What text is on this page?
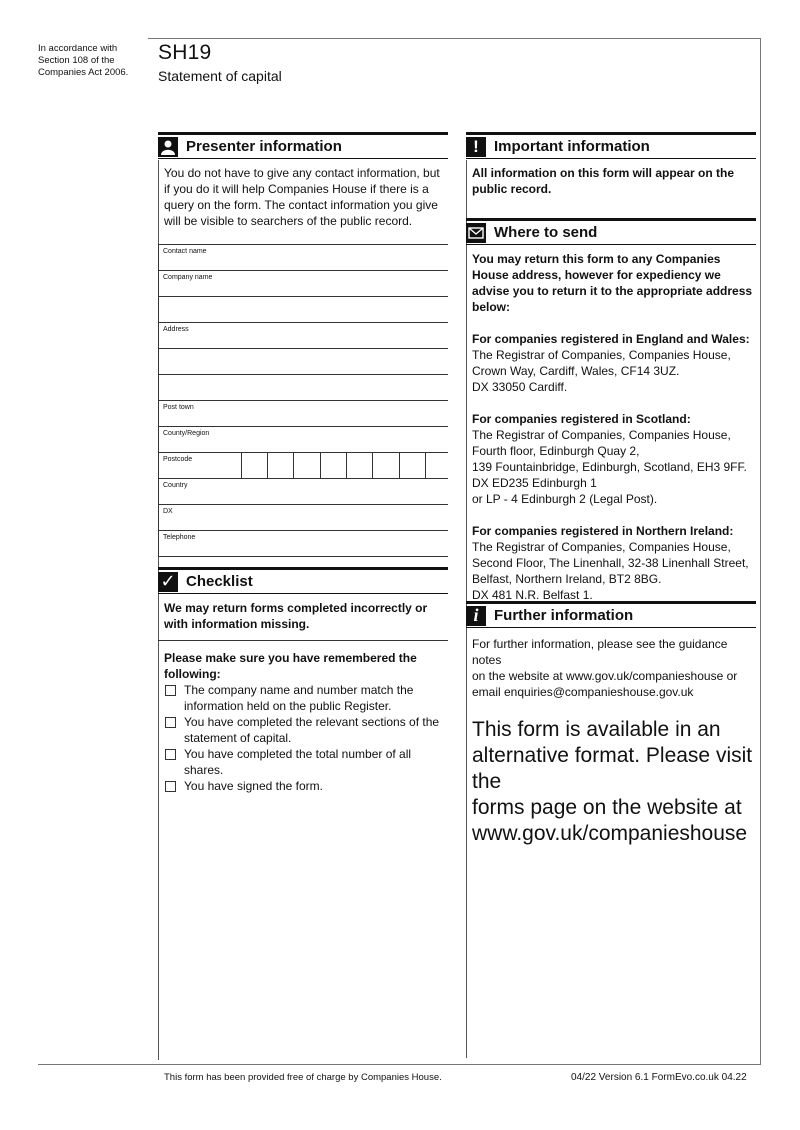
In accordance with
Section 108 of the
Companies Act 2006.
SH19
Statement of capital
Presenter information
You do not have to give any contact information, but if you do it will help Companies House if there is a query on the form. The contact information you give will be visible to searchers of the public record.
Contact name
Company name
Address
Post town
County/Region
Postcode
Country
DX
Telephone
✓ Checklist
We may return forms completed incorrectly or with information missing.
Please make sure you have remembered the following:
The company name and number match the information held on the public Register.
You have completed the relevant sections of the statement of capital.
You have completed the total number of all shares.
You have signed the form.
!	Important information
All information on this form will appear on the public record.
Where to send
You may return this form to any Companies House address, however for expediency we advise you to return it to the appropriate address below:
For companies registered in England and Wales:
The Registrar of Companies, Companies House,
Crown Way, Cardiff, Wales, CF14 3UZ.
DX 33050 Cardiff.
For companies registered in Scotland:
The Registrar of Companies, Companies House,
Fourth floor, Edinburgh Quay 2,
139 Fountainbridge, Edinburgh, Scotland, EH3 9FF.
DX ED235 Edinburgh 1
or LP - 4 Edinburgh 2 (Legal Post).
For companies registered in Northern Ireland:
The Registrar of Companies, Companies House,
Second Floor, The Linenhall, 32-38 Linenhall Street,
Belfast, Northern Ireland, BT2 8BG.
DX 481 N.R. Belfast 1.
i	Further information
For further information, please see the guidance notes
on the website at www.gov.uk/companieshouse or
email enquiries@companieshouse.gov.uk
This form is available in an
alternative format. Please visit the
forms page on the website at
www.gov.uk/companieshouse
This form has been provided free of charge by Companies House.	04/22 Version 6.1 FormEvo.co.uk 04.22
